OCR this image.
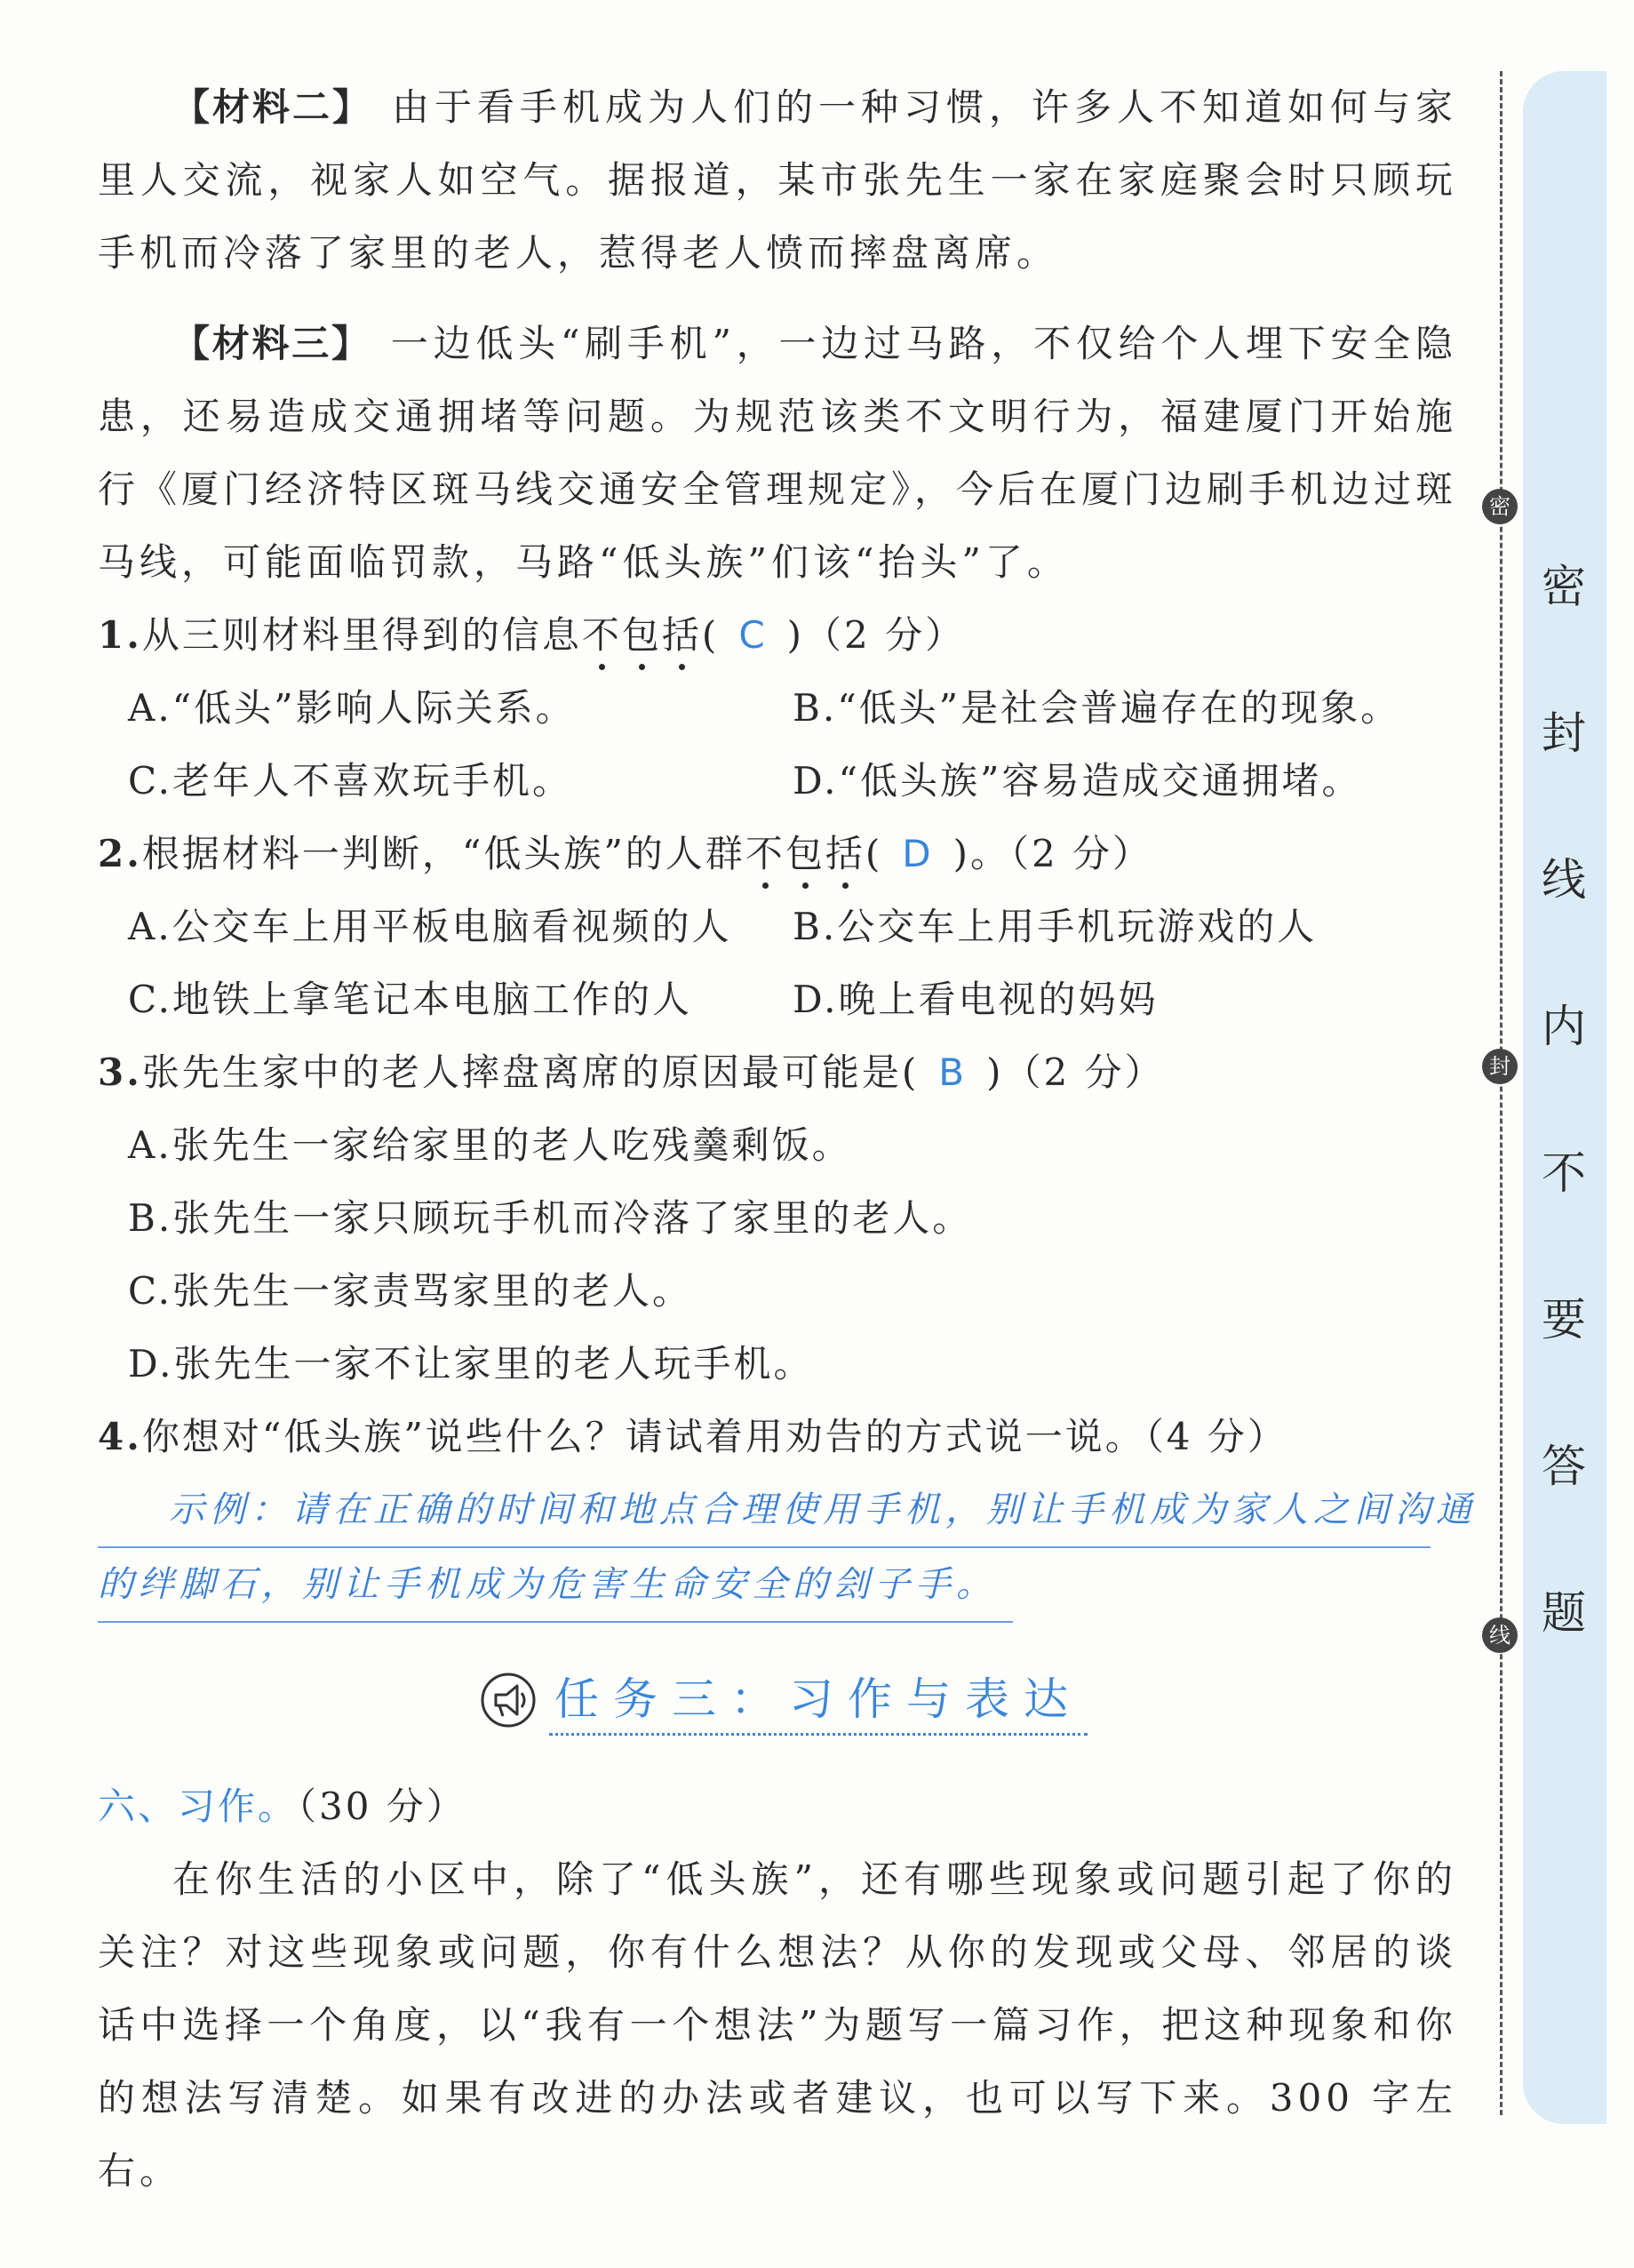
【材料二】 由于看手机成为人们的一种习惯，许多人不知道如何与家里人交流，视家人如空气。据报道，某市张先生一家在家庭聚会时只顾玩手机而冷落了家里的老人，惹得老人愤而摔盘离席。

【材料三】 一边低头“刷手机”，一边过马路，不仅给个人埋下安全隐患，还易造成交通拥堵等问题。为规范该类不文明行为，福建厦门开始施行《厦门经济特区斑马线交通安全管理规定》，今后在厦门边刷手机边过斑马线，可能面临罚款，马路“低头族”们该“抬头”了。

1.从三则材料里得到的信息不包括( C )（2 分）

A.“低头”影响人际关系。	B.“低头”是社会普遍存在的现象。
C.老年人不喜欢玩手机。	D.“低头族”容易造成交通拥堵。

2.根据材料一判断，“低头族”的人群不包括( D )。（2 分）

A.公交车上用平板电脑看视频的人	B.公交车上用手机玩游戏的人
C.地铁上拿笔记本电脑工作的人	D.晚上看电视的妈妈

3.张先生家中的老人摔盘离席的原因最可能是( B )（2 分）

A.张先生一家给家里的老人吃残羹剩饭。
B.张先生一家只顾玩手机而冷落了家里的老人。
C.张先生一家责骂家里的老人。
D.张先生一家不让家里的老人玩手机。

4.你想对“低头族”说些什么？请试着用劝告的方式说一说。（4 分）

示例：请在正确的时间和地点合理使用手机，别让手机成为家人之间沟通
的绊脚石，别让手机成为危害生命安全的刽子手。
任务三：习作与表达

六、习作。（30 分）

在你生活的小区中，除了“低头族”，还有哪些现象或问题引起了你的关注？对这些现象或问题，你有什么想法？从你的发现或父母、邻居的谈话中选择一个角度，以“我有一个想法”为题写一篇习作，把这种现象和你的想法写清楚。如果有改进的办法或者建议，也可以写下来。300 字左右。

密
封
线
密
封
线
内
不
要
答
题
